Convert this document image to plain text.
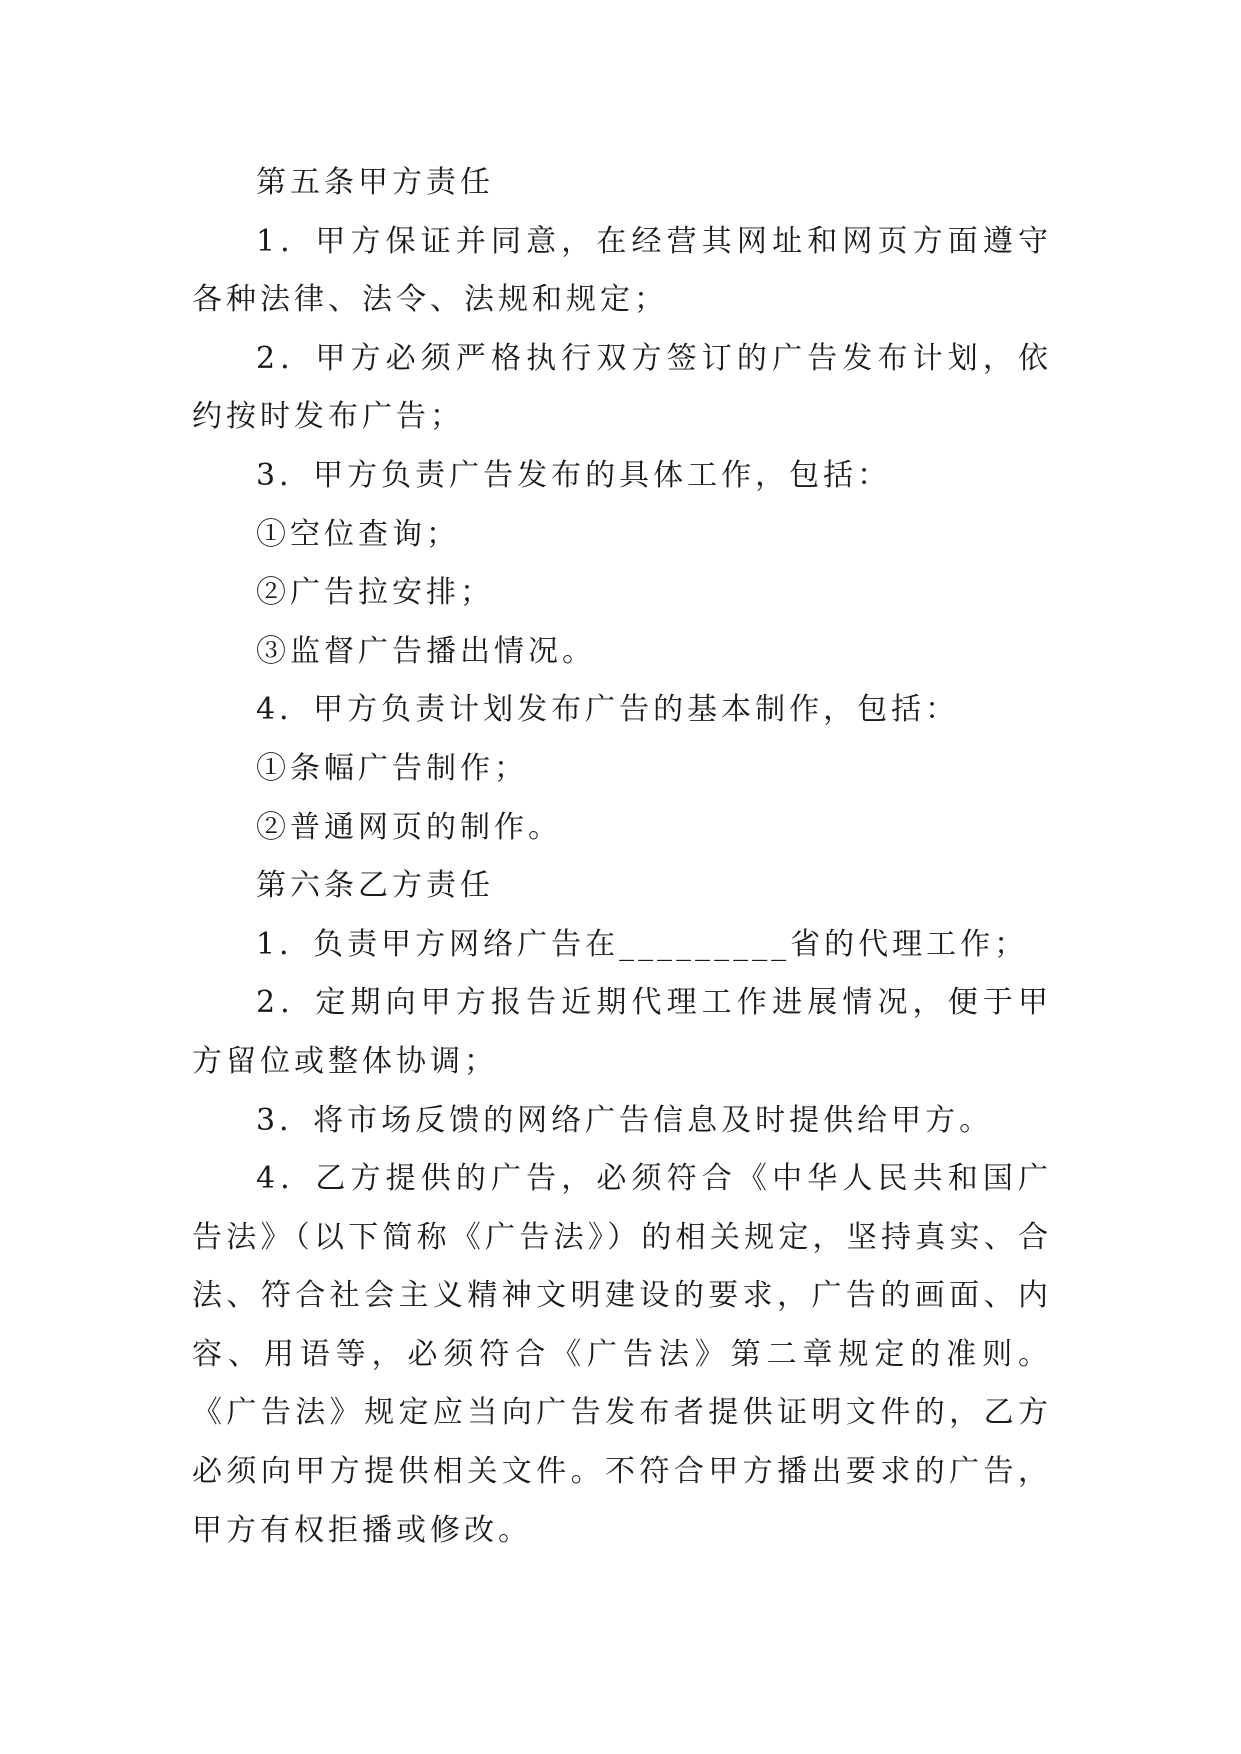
第五条甲方责任

1．甲方保证并同意，在经营其网址和网页方面遵守各种法律、法令、法规和规定；

2．甲方必须严格执行双方签订的广告发布计划，依约按时发布广告；

3．甲方负责广告发布的具体工作，包括：

①空位查询；

②广告拉安排；

③监督广告播出情况。

4．甲方负责计划发布广告的基本制作，包括：

①条幅广告制作；

②普通网页的制作。

第六条乙方责任

1．负责甲方网络广告在_________省的代理工作；

2．定期向甲方报告近期代理工作进展情况，便于甲方留位或整体协调；

3．将市场反馈的网络广告信息及时提供给甲方。

4．乙方提供的广告，必须符合《中华人民共和国广告法》（以下简称《广告法》）的相关规定，坚持真实、合法、符合社会主义精神文明建设的要求，广告的画面、内容、用语等，必须符合《广告法》第二章规定的准则。《广告法》规定应当向广告发布者提供证明文件的，乙方必须向甲方提供相关文件。不符合甲方播出要求的广告，甲方有权拒播或修改。
